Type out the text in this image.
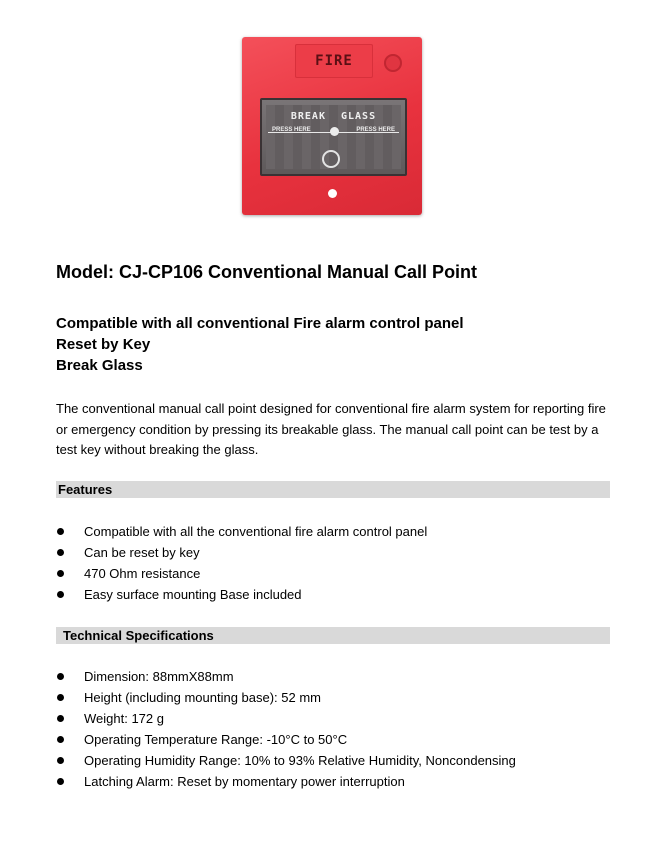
FIRE
BREAK GLASS
PRESS HERE	PRESS HERE
Model: CJ-CP106 Conventional Manual Call Point
Compatible with all conventional Fire alarm control panel
Reset by Key
Break Glass
The conventional manual call point designed for conventional fire alarm system for reporting fire or emergency condition by pressing its breakable glass. The manual call point can be test by a test key without breaking the glass.
Features
Compatible with all the conventional fire alarm control panel
Can be reset by key
470 Ohm resistance
Easy surface mounting Base included
Technical Specifications
Dimension: 88mmX88mm
Height (including mounting base): 52 mm
Weight: 172 g
Operating Temperature Range: -10°C to 50°C
Operating Humidity Range: 10% to 93% Relative Humidity, Noncondensing
Latching Alarm: Reset by momentary power interruption
